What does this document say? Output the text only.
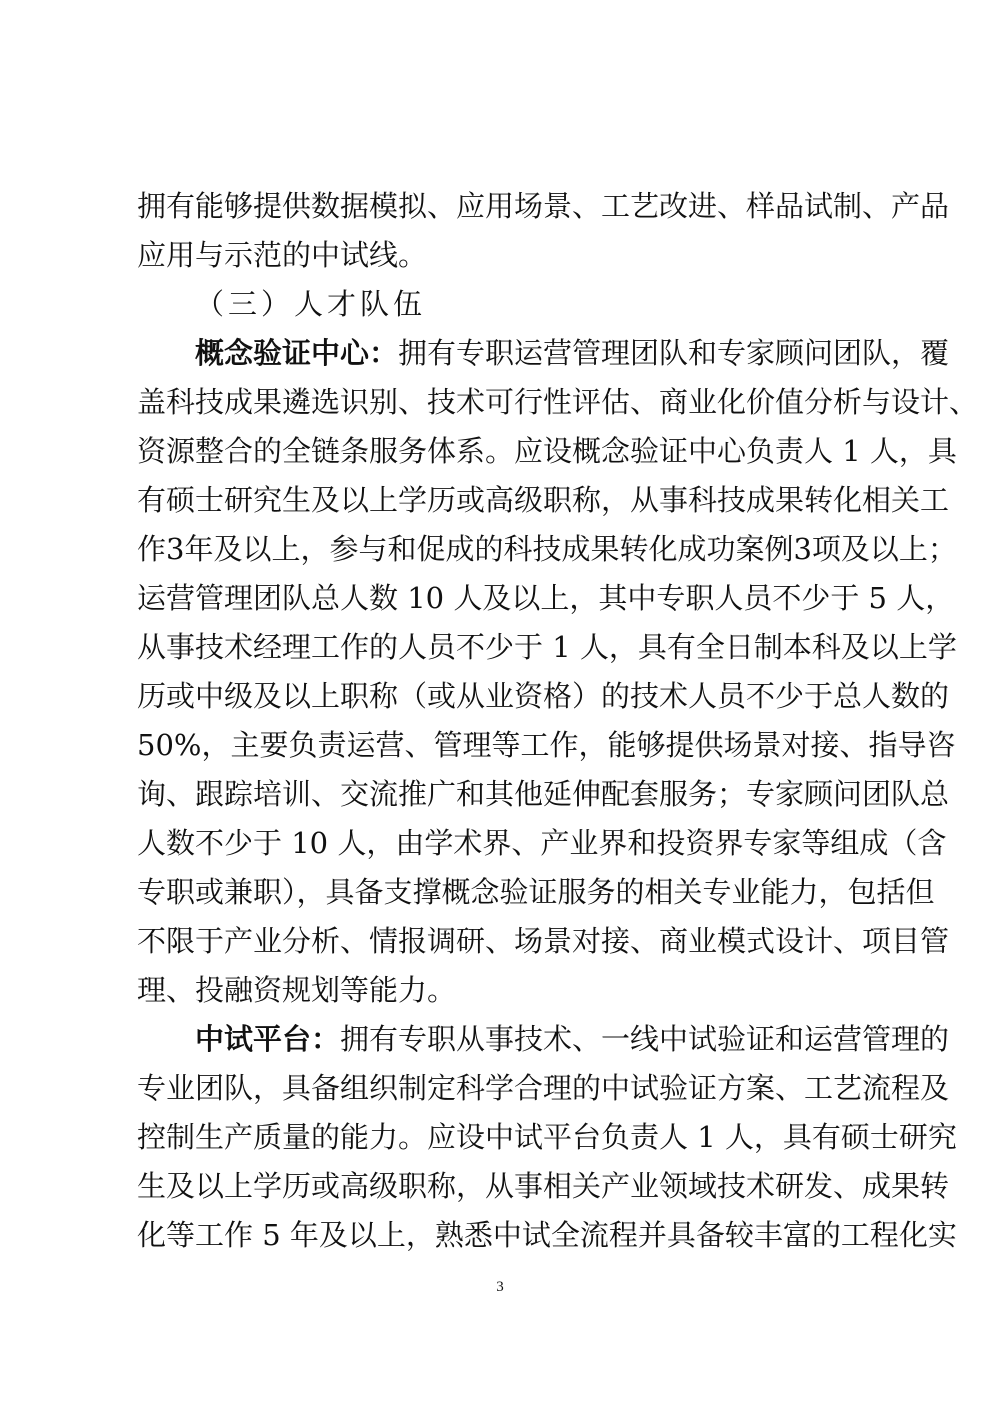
拥有能够提供数据模拟、应用场景、工艺改进、样品试制、产品
应用与示范的中试线。
（三）人才队伍
概念验证中心：拥有专职运营管理团队和专家顾问团队，覆
盖科技成果遴选识别、技术可行性评估、商业化价值分析与设计、
资源整合的全链条服务体系。应设概念验证中心负责人 1 人，具
有硕士研究生及以上学历或高级职称，从事科技成果转化相关工
作3年及以上，参与和促成的科技成果转化成功案例3项及以上；
运营管理团队总人数 10 人及以上，其中专职人员不少于 5 人，
从事技术经理工作的人员不少于 1 人，具有全日制本科及以上学
历或中级及以上职称（或从业资格）的技术人员不少于总人数的
50%，主要负责运营、管理等工作，能够提供场景对接、指导咨
询、跟踪培训、交流推广和其他延伸配套服务；专家顾问团队总
人数不少于 10 人，由学术界、产业界和投资界专家等组成（含
专职或兼职），具备支撑概念验证服务的相关专业能力，包括但
不限于产业分析、情报调研、场景对接、商业模式设计、项目管
理、投融资规划等能力。
中试平台：拥有专职从事技术、一线中试验证和运营管理的
专业团队，具备组织制定科学合理的中试验证方案、工艺流程及
控制生产质量的能力。应设中试平台负责人 1 人，具有硕士研究
生及以上学历或高级职称，从事相关产业领域技术研发、成果转
化等工作 5 年及以上，熟悉中试全流程并具备较丰富的工程化实
3
